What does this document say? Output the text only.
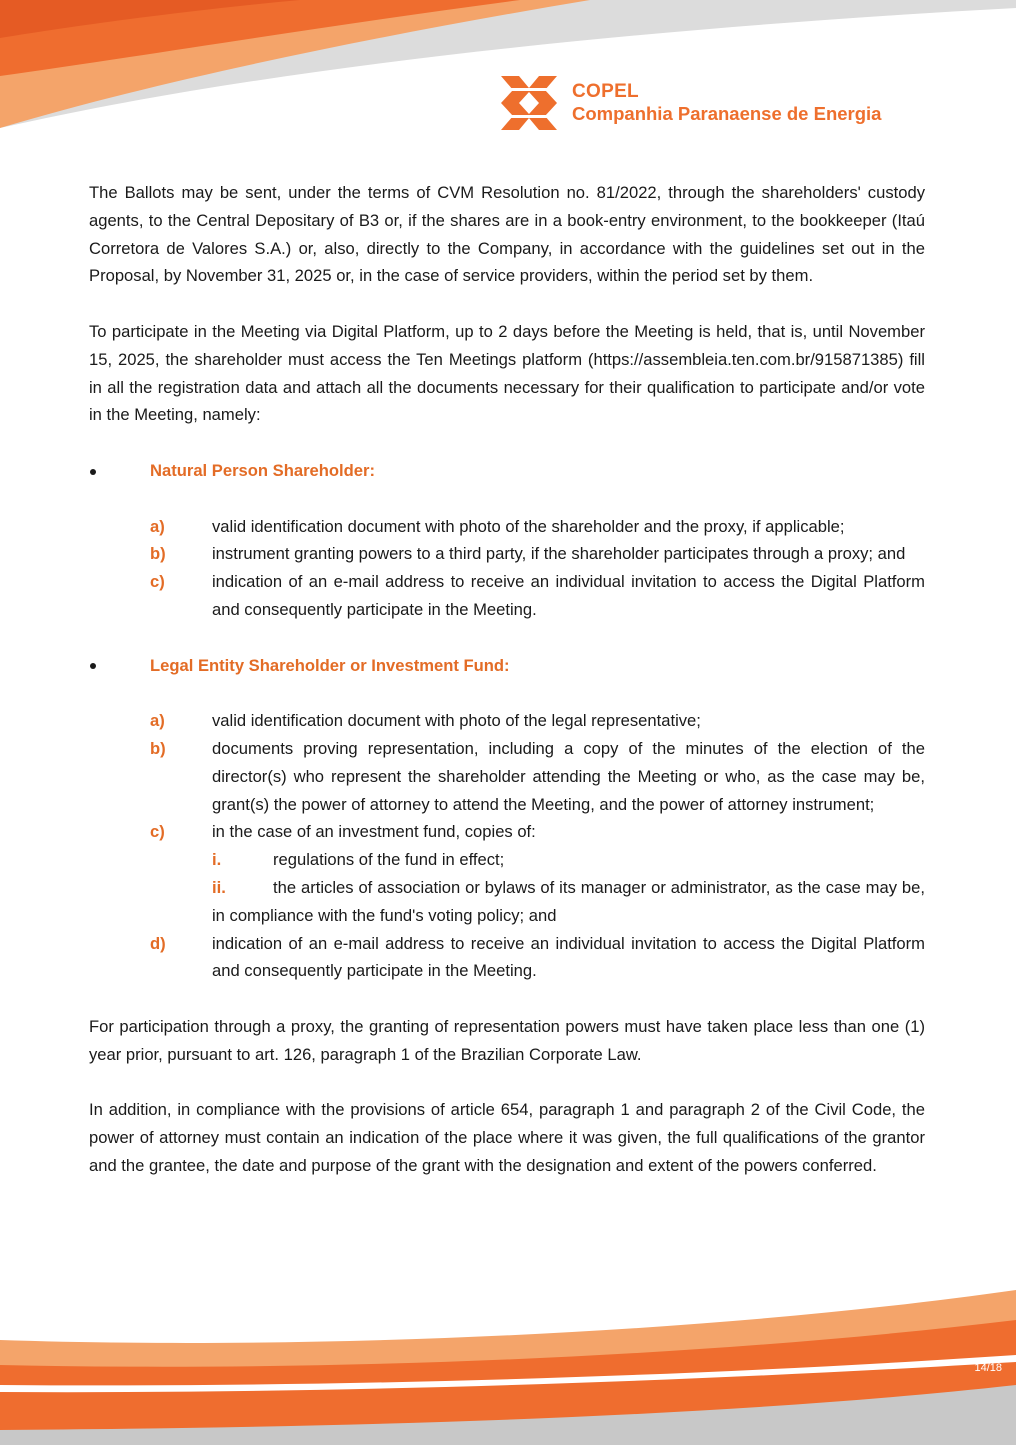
COPEL
Companhia Paranaense de Energia

The Ballots may be sent, under the terms of CVM Resolution no. 81/2022, through the shareholders' custody agents, to the Central Depositary of B3 or, if the shares are in a book-entry environment, to the bookkeeper (Itaú Corretora de Valores S.A.) or, also, directly to the Company, in accordance with the guidelines set out in the Proposal, by November 31, 2025 or, in the case of service providers, within the period set by them.

To participate in the Meeting via Digital Platform, up to 2 days before the Meeting is held, that is, until November 15, 2025, the shareholder must access the Ten Meetings platform (https://assembleia.ten.com.br/915871385) fill in all the registration data and attach all the documents necessary for their qualification to participate and/or vote in the Meeting, namely:

Natural Person Shareholder:
a)	valid identification document with photo of the shareholder and the proxy, if applicable;
b)	instrument granting powers to a third party, if the shareholder participates through a proxy; and
c)	indication of an e-mail address to receive an individual invitation to access the Digital Platform and consequently participate in the Meeting.
Legal Entity Shareholder or Investment Fund:
a)	valid identification document with photo of the legal representative;
b)	documents proving representation, including a copy of the minutes of the election of the director(s) who represent the shareholder attending the Meeting or who, as the case may be, grant(s) the power of attorney to attend the Meeting, and the power of attorney instrument;
c)	in the case of an investment fund, copies of:
i.	regulations of the fund in effect;
ii.	the articles of association or bylaws of its manager or administrator, as the case may be, in compliance with the fund's voting policy; and
d)	indication of an e-mail address to receive an individual invitation to access the Digital Platform and consequently participate in the Meeting.

For participation through a proxy, the granting of representation powers must have taken place less than one (1) year prior, pursuant to art. 126, paragraph 1 of the Brazilian Corporate Law.

In addition, in compliance with the provisions of article 654, paragraph 1 and paragraph 2 of the Civil Code, the power of attorney must contain an indication of the place where it was given, the full qualifications of the grantor and the grantee, the date and purpose of the grant with the designation and extent of the powers conferred.

14/18
